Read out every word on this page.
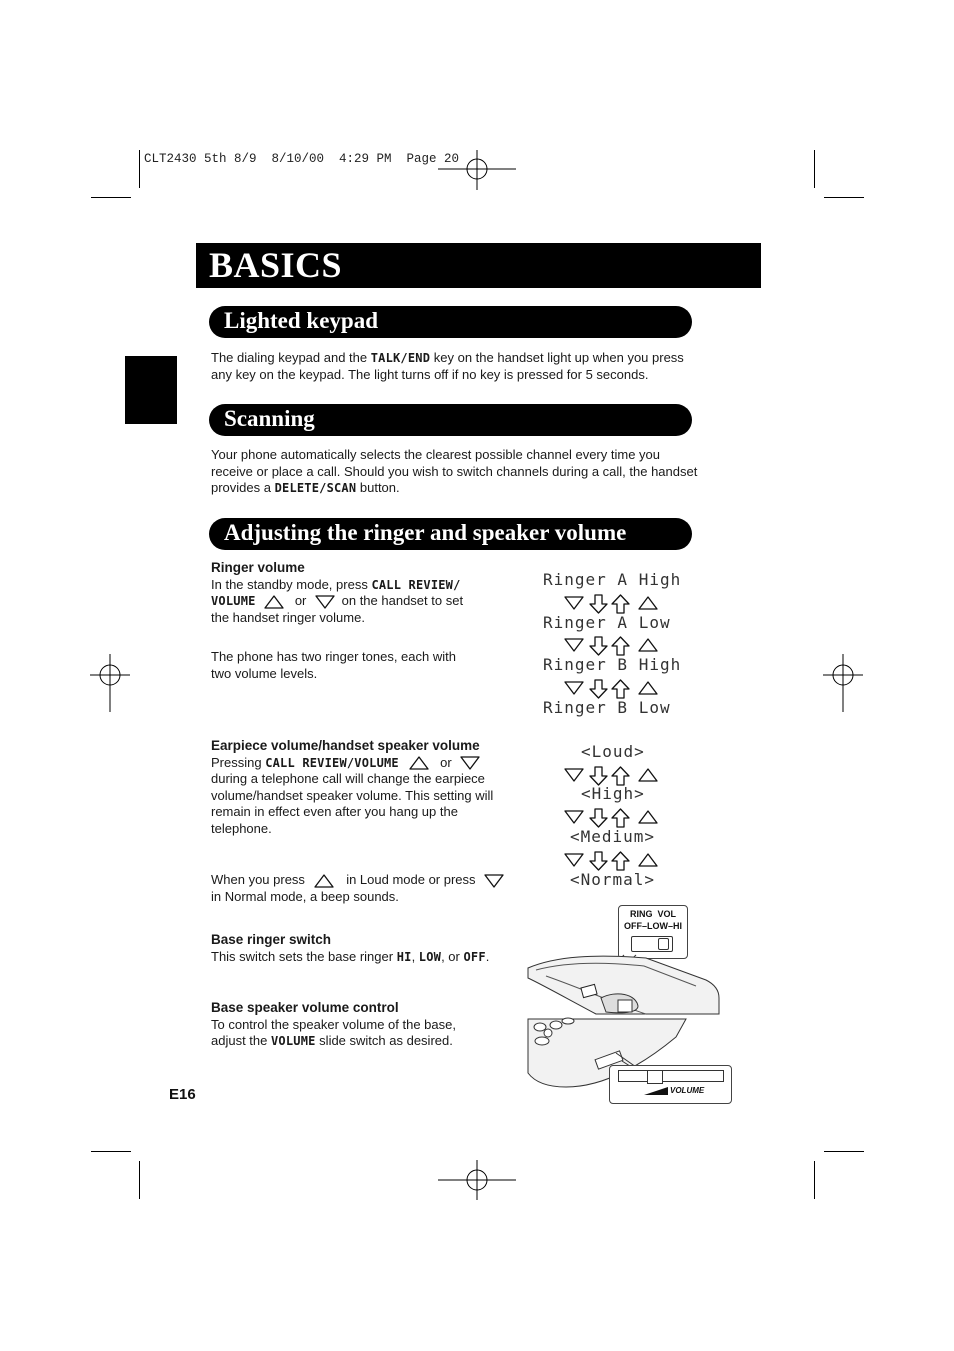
CLT2430 5th 8/9  8/10/00  4:29 PM  Page 20
BASICS
Lighted keypad
The dialing keypad and the TALK/END key on the handset light up when you press
any key on the keypad. The light turns off if no key is pressed for 5 seconds.
Scanning
Your phone automatically selects the clearest possible channel every time you
receive or place a call. Should you wish to switch channels during a call, the handset
provides a DELETE/SCAN button.
Adjusting the ringer and speaker volume
Ringer volume
In the standby mode, press CALL REVIEW/
VOLUME	or	on the handset to set
the handset ringer volume.
The phone has two ringer tones, each with
two volume levels.
Ringer A High
Ringer A Low
Ringer B High
Ringer B Low
Earpiece volume/handset speaker volume
Pressing CALL REVIEW/VOLUME	or
during a telephone call will change the earpiece
volume/handset speaker volume. This setting will
remain in effect even after you hang up the
telephone.
When you press	in Loud mode or press
in Normal mode, a beep sounds.
<Loud>
<High>
<Medium>
<Normal>
Base ringer switch
This switch sets the base ringer HI, LOW, or OFF.
Base speaker volume control
To control the speaker volume of the base,
adjust the VOLUME slide switch as desired.
RING  VOL
OFF–LOW–HI
VOLUME
E16
